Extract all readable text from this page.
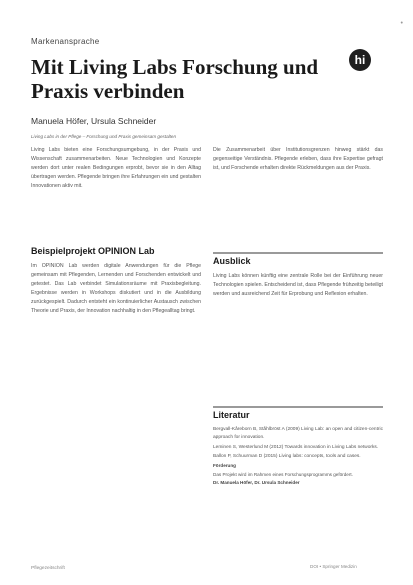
Markenansprache
•
hi
Mit Living Labs Forschung und Praxis verbinden
Manuela Höfer, Ursula Schneider
Living Labs in der Pflege – Forschung und Praxis gemeinsam gestalten

Living Labs bieten eine Forschungsumgebung, in der Praxis und Wissenschaft zusammenarbeiten. Neue Technologien und Konzepte werden dort unter realen Bedingungen erprobt, bevor sie in den Alltag übertragen werden. Pflegende bringen ihre Erfahrungen ein und gestalten Innovationen aktiv mit.

Beispielprojekt OPINION Lab

Im OPINION Lab werden digitale Anwendungen für die Pflege gemeinsam mit Pflegenden, Lernenden und Forschenden entwickelt und getestet. Das Lab verbindet Simulationsräume mit Praxisbegleitung. Ergebnisse werden in Workshops diskutiert und in die Ausbildung zurückgespielt. Dadurch entsteht ein kontinuierlicher Austausch zwischen Theorie und Praxis, der Innovation nachhaltig in den Pflegealltag bringt.

Die Zusammenarbeit über Institutionsgrenzen hinweg stärkt das gegenseitige Verständnis. Pflegende erleben, dass ihre Expertise gefragt ist, und Forschende erhalten direkte Rückmeldungen aus der Praxis.

Ausblick

Living Labs können künftig eine zentrale Rolle bei der Einführung neuer Technologien spielen. Entscheidend ist, dass Pflegende frühzeitig beteiligt werden und ausreichend Zeit für Erprobung und Reflexion erhalten.

Literatur

Bergvall-Kåreborn B, Ståhlbröst A (2009) Living Lab: an open and citizen-centric approach for innovation.

Leminen S, Westerlund M (2012) Towards innovation in Living Labs networks.

Ballon P, Schuurman D (2015) Living labs: concepts, tools and cases.

Förderung

Das Projekt wird im Rahmen eines Forschungsprogramms gefördert.

Dr. Manuela Höfer, Dr. Ursula Schneider

Pflegezeitschrift	DOI • Springer Medizin
